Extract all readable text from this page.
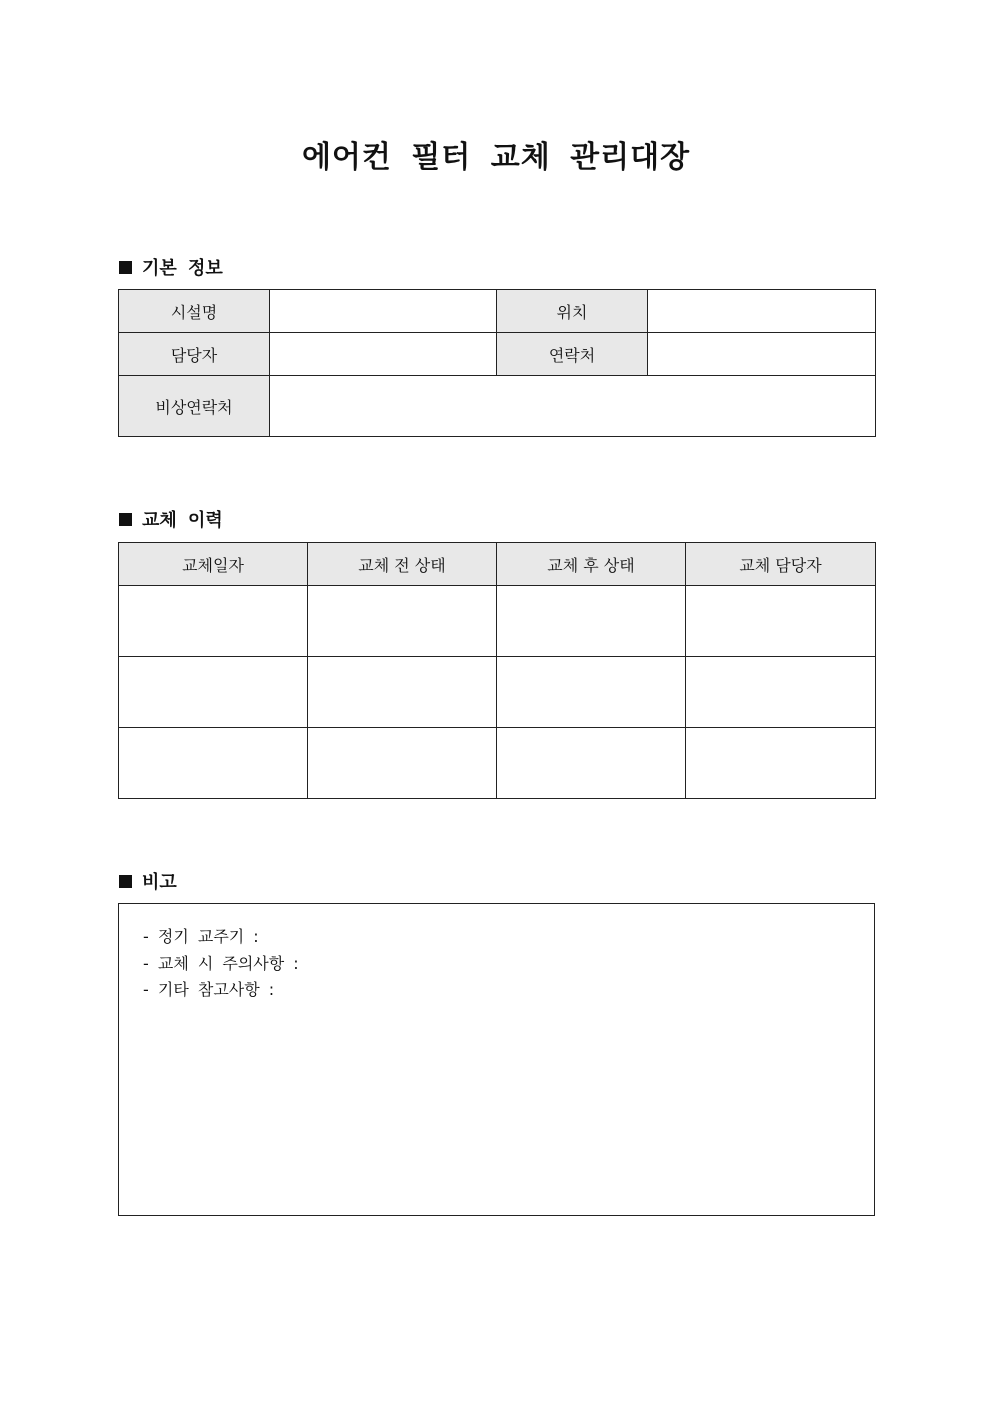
에어컨 필터 교체 관리대장
기본 정보
시설명		위치	
담당자		연락처	
비상연락처			
교체 이력
교체일자	교체 전 상태	교체 후 상태	교체 담당자

비고
- 정기 교주기 :
- 교체 시 주의사항 :
- 기타 참고사항 :
